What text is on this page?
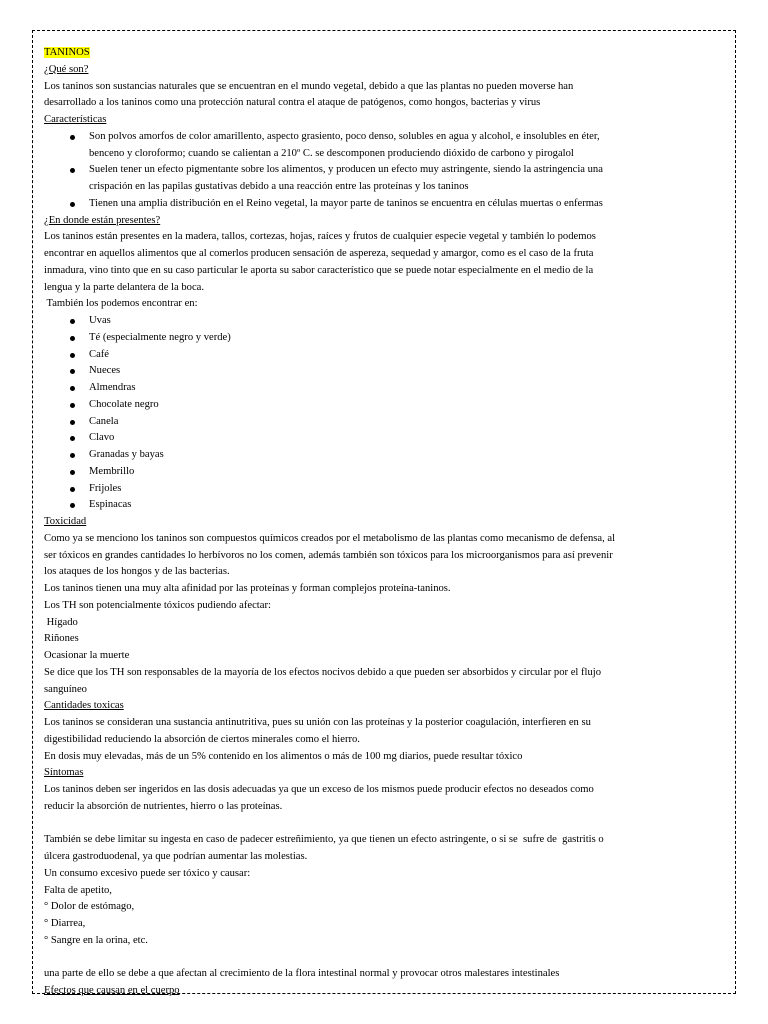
TANINOS

¿Qué son?

Los taninos son sustancias naturales que se encuentran en el mundo vegetal, debido a que las plantas no pueden moverse han

desarrollado a los taninos como una protección natural contra el ataque de patógenos, como hongos, bacterias y virus

Características

Son polvos amorfos de color amarillento, aspecto grasiento, poco denso, solubles en agua y alcohol, e insolubles en éter,
benceno y cloroformo; cuando se calientan a 210º C. se descomponen produciendo dióxido de carbono y pirogalol
Suelen tener un efecto pigmentante sobre los alimentos, y producen un efecto muy astringente, siendo la astringencia una
crispación en las papilas gustativas debido a una reacción entre las proteínas y los taninos
Tienen una amplia distribución en el Reino vegetal, la mayor parte de taninos se encuentra en células muertas o enfermas

¿En donde están presentes?

Los taninos están presentes en la madera, tallos, cortezas, hojas, raíces y frutos de cualquier especie vegetal y también lo podemos

encontrar en aquellos alimentos que al comerlos producen sensación de aspereza, sequedad y amargor, como es el caso de la fruta

inmadura, vino tinto que en su caso particular le aporta su sabor característico que se puede notar especialmente en el medio de la

lengua y la parte delantera de la boca.

También los podemos encontrar en:

Uvas
Té (especialmente negro y verde)
Café
Nueces
Almendras
Chocolate negro
Canela
Clavo
Granadas y bayas
Membrillo
Frijoles
Espinacas

Toxicidad

Como ya se menciono los taninos son compuestos químicos creados por el metabolismo de las plantas como mecanismo de defensa, al

ser tóxicos en grandes cantidades lo herbívoros no los comen, además también son tóxicos para los microorganismos para así prevenir

los ataques de los hongos y de las bacterias.

Los taninos tienen una muy alta afinidad por las proteínas y forman complejos proteína-taninos.

Los TH son potencialmente tóxicos pudiendo afectar:

Hígado

Riñones

Ocasionar la muerte

Se dice que los TH son responsables de la mayoría de los efectos nocivos debido a que pueden ser absorbidos y circular por el flujo

sanguíneo

Cantidades toxicas

Los taninos se consideran una sustancia antinutritiva, pues su unión con las proteínas y la posterior coagulación, interfieren en su

digestibilidad reduciendo la absorción de ciertos minerales como el hierro.

En dosis muy elevadas, más de un 5% contenido en los alimentos o más de 100 mg diarios, puede resultar tóxico

Síntomas

Los taninos deben ser ingeridos en las dosis adecuadas ya que un exceso de los mismos puede producir efectos no deseados como

reducir la absorción de nutrientes, hierro o las proteínas.

También se debe limitar su ingesta en caso de padecer estreñimiento, ya que tienen un efecto astringente, o si se  sufre de  gastritis o

úlcera gastroduodenal, ya que podrían aumentar las molestias.

Un consumo excesivo puede ser tóxico y causar:

Falta de apetito,

° Dolor de estómago,

° Diarrea,

° Sangre en la orina, etc.

una parte de ello se debe a que afectan al crecimiento de la flora intestinal normal y provocar otros malestares intestinales

Efectos que causan en el cuerpo
